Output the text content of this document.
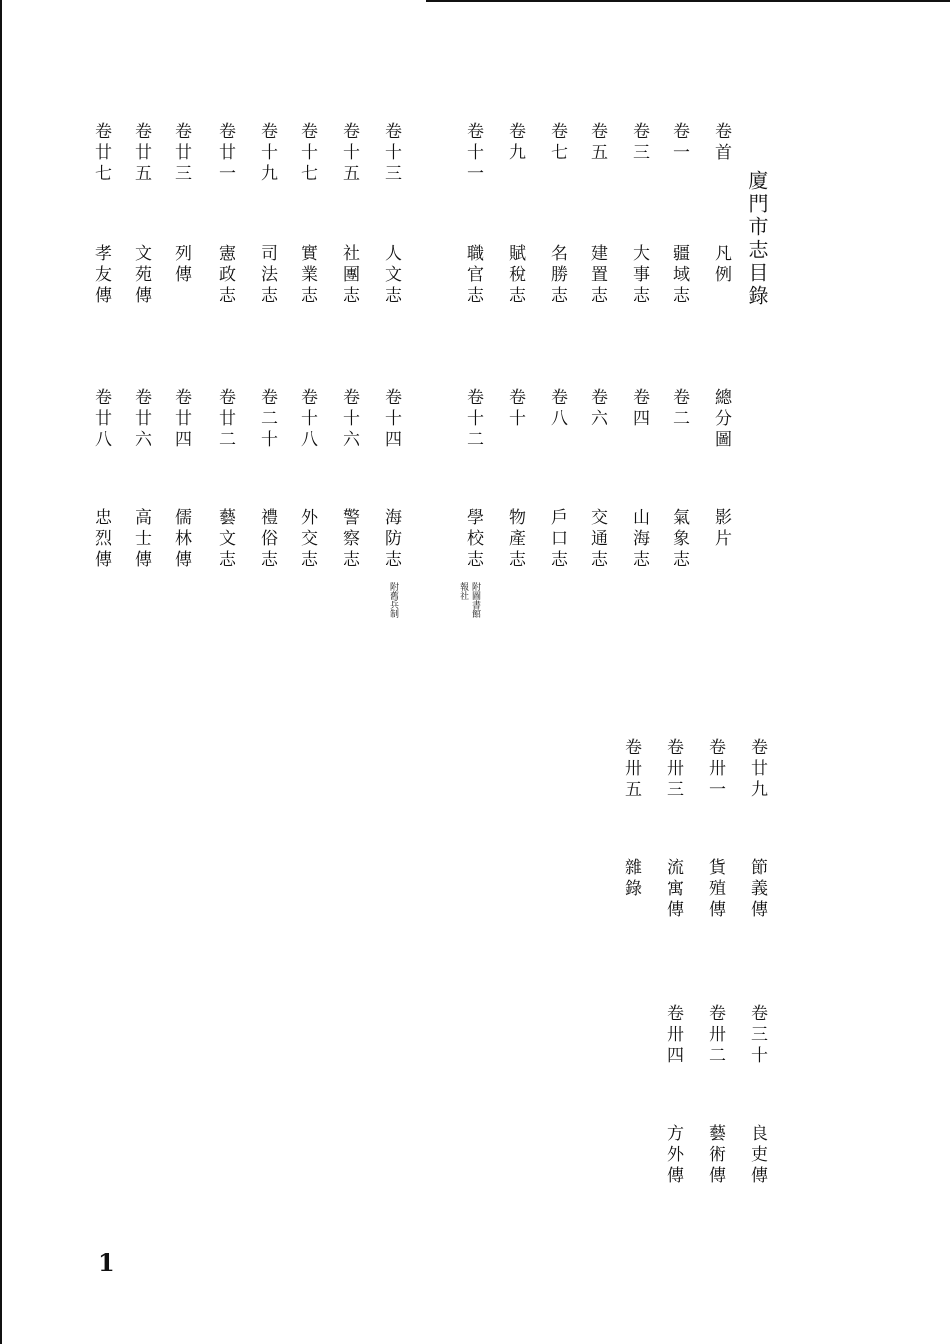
廈門市志目錄
卷首
凡例
卷一
疆域志
卷三
大事志
卷五
建置志
卷七
名勝志
卷九
賦稅志
卷十一
職官志
卷十三
人文志
卷十五
社團志
卷十七
實業志
卷十九
司法志
卷廿一
憲政志
卷廿三
列傳
卷廿五
文苑傳
卷廿七
孝友傳
總分圖
影片
卷二
氣象志
卷四
山海志
卷六
交通志
卷八
戶口志
卷十
物產志
卷十二
學校志
附圖書館
報社
卷十四
海防志
附舊兵制
卷十六
警察志
卷十八
外交志
卷二十
禮俗志
卷廿二
藝文志
卷廿四
儒林傳
卷廿六
高士傳
卷廿八
忠烈傳
卷廿九
節義傳
卷卅一
貨殖傳
卷卅三
流寓傳
卷卅五
雜錄
卷三十
良吏傳
卷卅二
藝術傳
卷卅四
方外傳
1
